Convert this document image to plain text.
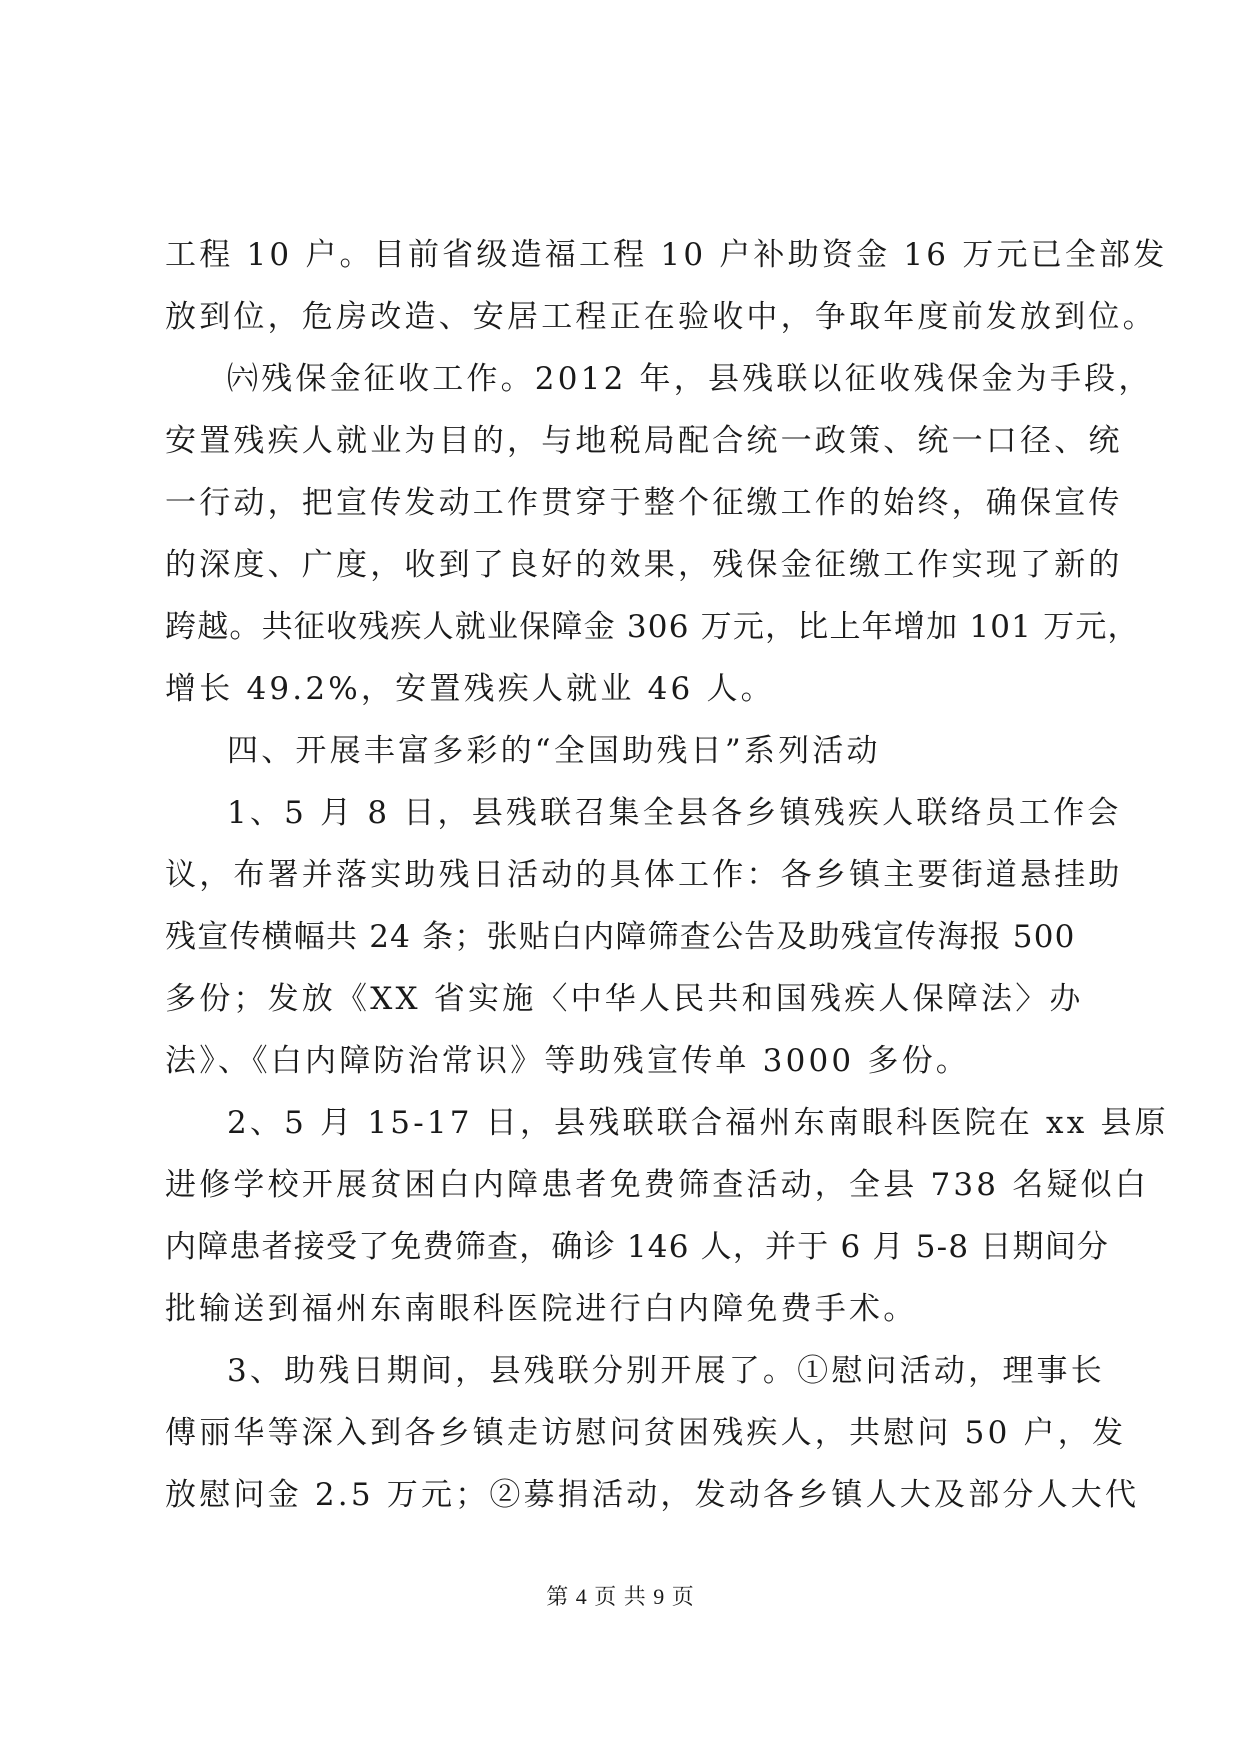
工程 10 户。目前省级造福工程 10 户补助资金 16 万元已全部发
放到位，危房改造、安居工程正在验收中，争取年度前发放到位。
㈥残保金征收工作。2012 年，县残联以征收残保金为手段，
安置残疾人就业为目的，与地税局配合统一政策、统一口径、统
一行动，把宣传发动工作贯穿于整个征缴工作的始终，确保宣传
的深度、广度，收到了良好的效果，残保金征缴工作实现了新的
跨越。共征收残疾人就业保障金 306 万元，比上年增加 101 万元，
增长 49.2%，安置残疾人就业 46 人。
四、开展丰富多彩的“全国助残日”系列活动
1、5 月 8 日，县残联召集全县各乡镇残疾人联络员工作会
议，布署并落实助残日活动的具体工作：各乡镇主要街道悬挂助
残宣传横幅共 24 条；张贴白内障筛查公告及助残宣传海报 500
多份；发放《XX 省实施〈中华人民共和国残疾人保障法〉办
法》、《白内障防治常识》等助残宣传单 3000 多份。
2、5 月 15-17 日，县残联联合福州东南眼科医院在 xx 县原
进修学校开展贫困白内障患者免费筛查活动，全县 738 名疑似白
内障患者接受了免费筛查，确诊 146 人，并于 6 月 5-8 日期间分
批输送到福州东南眼科医院进行白内障免费手术。
3、助残日期间，县残联分别开展了。①慰问活动，理事长
傅丽华等深入到各乡镇走访慰问贫困残疾人，共慰问 50 户，发
放慰问金 2.5 万元；②募捐活动，发动各乡镇人大及部分人大代
第 4 页 共 9 页
